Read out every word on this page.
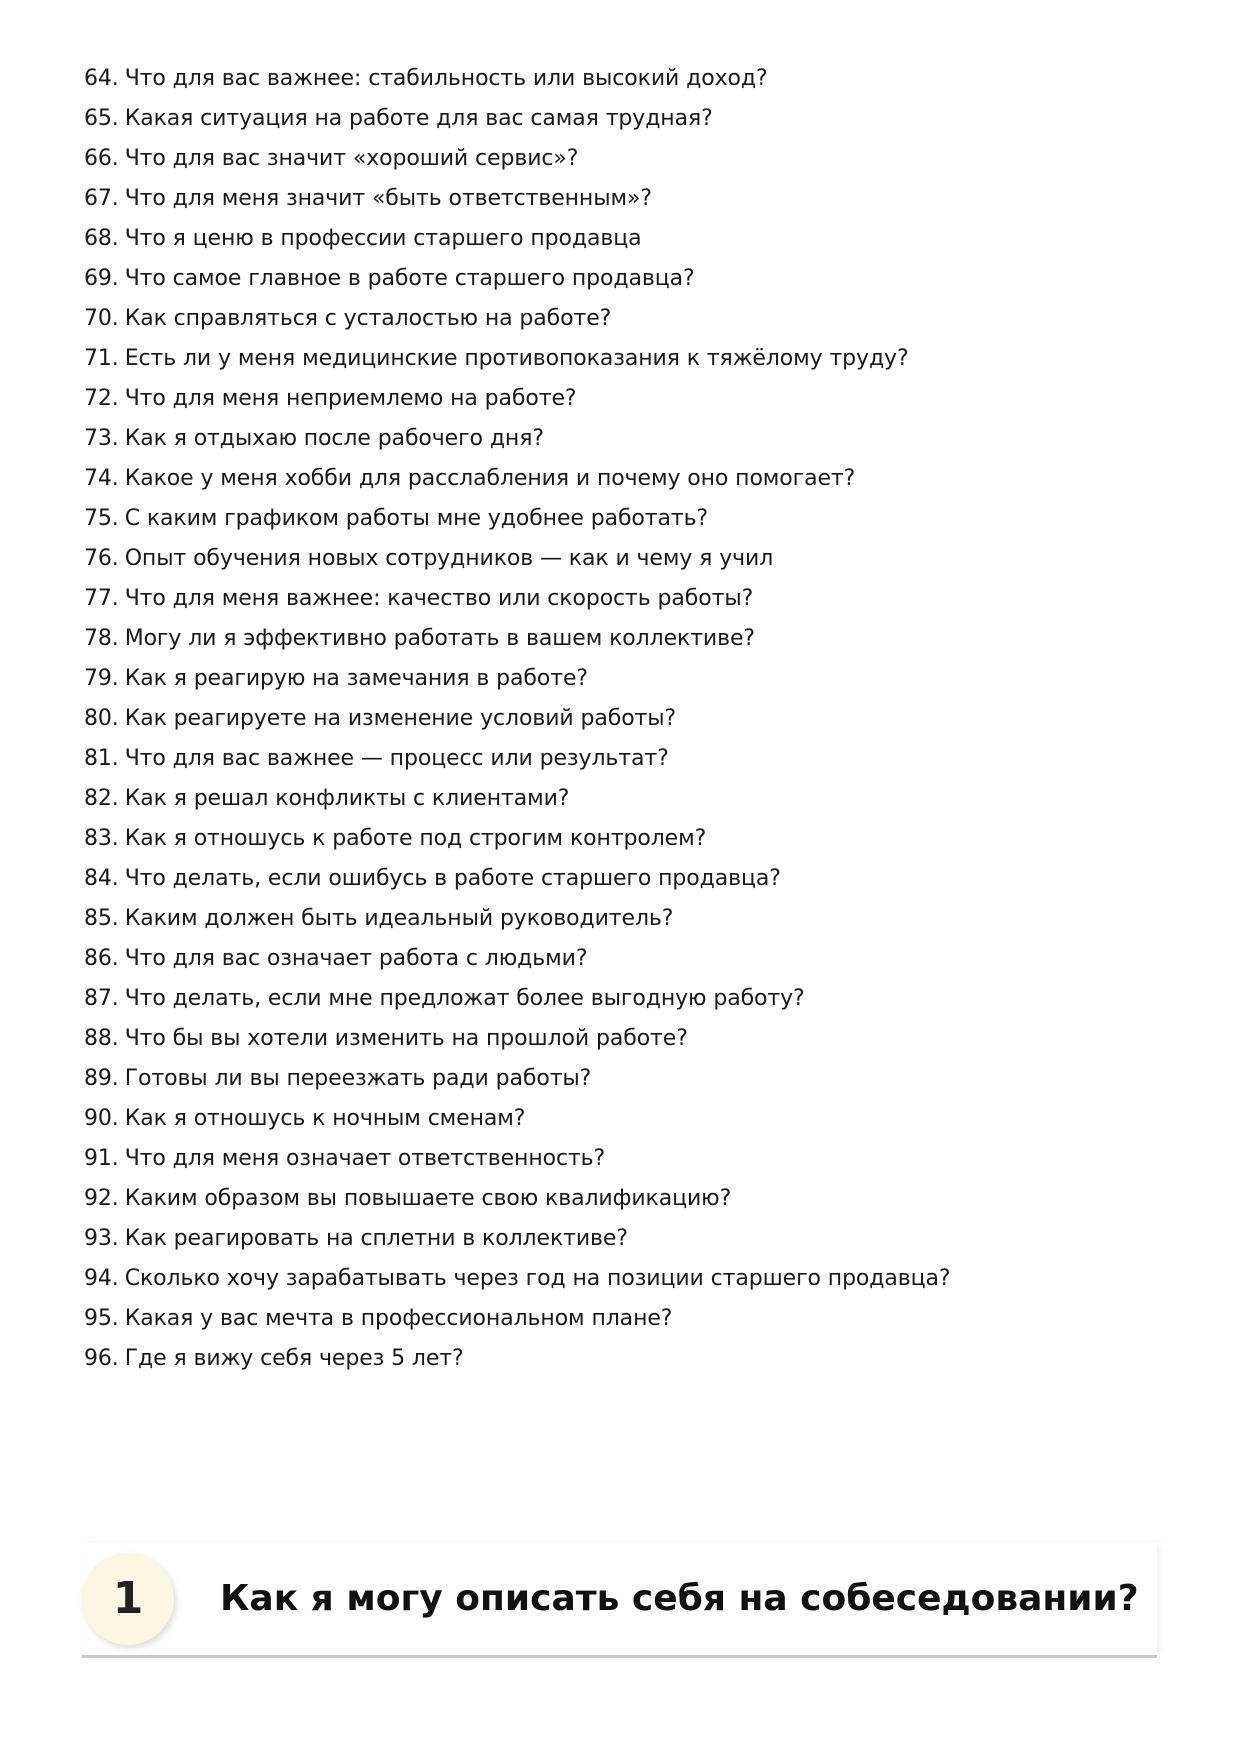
64. Что для вас важнее: стабильность или высокий доход?
65. Какая ситуация на работе для вас самая трудная?
66. Что для вас значит «хороший сервис»?
67. Что для меня значит «быть ответственным»?
68. Что я ценю в профессии старшего продавца
69. Что самое главное в работе старшего продавца?
70. Как справляться с усталостью на работе?
71. Есть ли у меня медицинские противопоказания к тяжёлому труду?
72. Что для меня неприемлемо на работе?
73. Как я отдыхаю после рабочего дня?
74. Какое у меня хобби для расслабления и почему оно помогает?
75. С каким графиком работы мне удобнее работать?
76. Опыт обучения новых сотрудников — как и чему я учил
77. Что для меня важнее: качество или скорость работы?
78. Могу ли я эффективно работать в вашем коллективе?
79. Как я реагирую на замечания в работе?
80. Как реагируете на изменение условий работы?
81. Что для вас важнее — процесс или результат?
82. Как я решал конфликты с клиентами?
83. Как я отношусь к работе под строгим контролем?
84. Что делать, если ошибусь в работе старшего продавца?
85. Каким должен быть идеальный руководитель?
86. Что для вас означает работа с людьми?
87. Что делать, если мне предложат более выгодную работу?
88. Что бы вы хотели изменить на прошлой работе?
89. Готовы ли вы переезжать ради работы?
90. Как я отношусь к ночным сменам?
91. Что для меня означает ответственность?
92. Каким образом вы повышаете свою квалификацию?
93. Как реагировать на сплетни в коллективе?
94. Сколько хочу зарабатывать через год на позиции старшего продавца?
95. Какая у вас мечта в профессиональном плане?
96. Где я вижу себя через 5 лет?
1	Как я могу описать себя на собеседовании?
